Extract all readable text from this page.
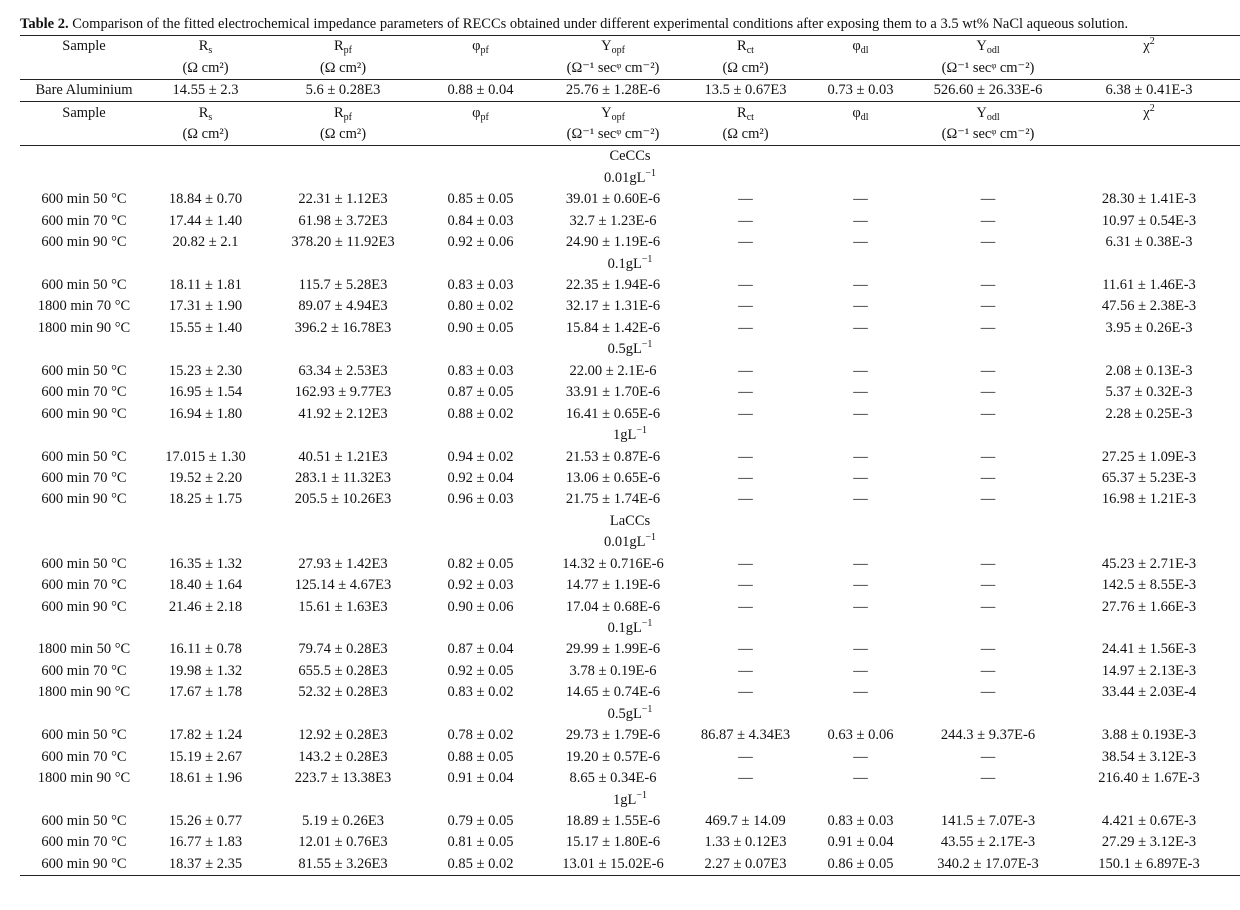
Table 2. Comparison of the fitted electrochemical impedance parameters of RECCs obtained under different experimental conditions after exposing them to a 3.5 wt% NaCl aqueous solution.

Sample	$R_s$	$R_{pf}$	$\varphi_{pf}$	$Y_{opf}$	$R_{ct}$	$\varphi_{dl}$	$Y_{odl}$	$\chi^2$
	(Ω cm²)	(Ω cm²)		(Ω⁻¹ secᵠ cm⁻²)	(Ω cm²)		(Ω⁻¹ secᵠ cm⁻²)	
Bare Aluminium	14.55 ± 2.3	5.6 ± 0.28E3	0.88 ± 0.04	25.76 ± 1.28E-6	13.5 ± 0.67E3	0.73 ± 0.03	526.60 ± 26.33E-6	6.38 ± 0.41E-3
Sample	$R_s$	$R_{pf}$	$\varphi_{pf}$	$Y_{opf}$	$R_{ct}$	$\varphi_{dl}$	$Y_{odl}$	$\chi^2$
	(Ω cm²)	(Ω cm²)		(Ω⁻¹ secᵠ cm⁻²)	(Ω cm²)		(Ω⁻¹ secᵠ cm⁻²)	
CeCCs								
$0.01gL^{-1}$
600 min 50 °C	18.84 ± 0.70	22.31 ± 1.12E3	0.85 ± 0.05	39.01 ± 0.60E-6	—	—	—	28.30 ± 1.41E-3
600 min 70 °C	17.44 ± 1.40	61.98 ± 3.72E3	0.84 ± 0.03	32.7 ± 1.23E-6	—	—	—	10.97 ± 0.54E-3
600 min 90 °C	20.82 ± 2.1	378.20 ± 11.92E3	0.92 ± 0.06	24.90 ± 1.19E-6	—	—	—	6.31 ± 0.38E-3
$0.1gL^{-1}$
600 min 50 °C	18.11 ± 1.81	115.7 ± 5.28E3	0.83 ± 0.03	22.35 ± 1.94E-6	—	—	—	11.61 ± 1.46E-3
1800 min 70 °C	17.31 ± 1.90	89.07 ± 4.94E3	0.80 ± 0.02	32.17 ± 1.31E-6	—	—	—	47.56 ± 2.38E-3
1800 min 90 °C	15.55 ± 1.40	396.2 ± 16.78E3	0.90 ± 0.05	15.84 ± 1.42E-6	—	—	—	3.95 ± 0.26E-3
$0.5gL^{-1}$
600 min 50 °C	15.23 ± 2.30	63.34 ± 2.53E3	0.83 ± 0.03	22.00 ± 2.1E-6	—	—	—	2.08 ± 0.13E-3
600 min 70 °C	16.95 ± 1.54	162.93 ± 9.77E3	0.87 ± 0.05	33.91 ± 1.70E-6	—	—	—	5.37 ± 0.32E-3
600 min 90 °C	16.94 ± 1.80	41.92 ± 2.12E3	0.88 ± 0.02	16.41 ± 0.65E-6	—	—	—	2.28 ± 0.25E-3
$1gL^{-1}$
600 min 50 °C	17.015 ± 1.30	40.51 ± 1.21E3	0.94 ± 0.02	21.53 ± 0.87E-6	—	—	—	27.25 ± 1.09E-3
600 min 70 °C	19.52 ± 2.20	283.1 ± 11.32E3	0.92 ± 0.04	13.06 ± 0.65E-6	—	—	—	65.37 ± 5.23E-3
600 min 90 °C	18.25 ± 1.75	205.5 ± 10.26E3	0.96 ± 0.03	21.75 ± 1.74E-6	—	—	—	16.98 ± 1.21E-3
LaCCs								
$0.01gL^{-1}$
600 min 50 °C	16.35 ± 1.32	27.93 ± 1.42E3	0.82 ± 0.05	14.32 ± 0.716E-6	—	—	—	45.23 ± 2.71E-3
600 min 70 °C	18.40 ± 1.64	125.14 ± 4.67E3	0.92 ± 0.03	14.77 ± 1.19E-6	—	—	—	142.5 ± 8.55E-3
600 min 90 °C	21.46 ± 2.18	15.61 ± 1.63E3	0.90 ± 0.06	17.04 ± 0.68E-6	—	—	—	27.76 ± 1.66E-3
$0.1gL^{-1}$
1800 min 50 °C	16.11 ± 0.78	79.74 ± 0.28E3	0.87 ± 0.04	29.99 ± 1.99E-6	—	—	—	24.41 ± 1.56E-3
600 min 70 °C	19.98 ± 1.32	655.5 ± 0.28E3	0.92 ± 0.05	3.78 ± 0.19E-6	—	—	—	14.97 ± 2.13E-3
1800 min 90 °C	17.67 ± 1.78	52.32 ± 0.28E3	0.83 ± 0.02	14.65 ± 0.74E-6	—	—	—	33.44 ± 2.03E-4
$0.5gL^{-1}$
600 min 50 °C	17.82 ± 1.24	12.92 ± 0.28E3	0.78 ± 0.02	29.73 ± 1.79E-6	86.87 ± 4.34E3	0.63 ± 0.06	244.3 ± 9.37E-6	3.88 ± 0.193E-3
600 min 70 °C	15.19 ± 2.67	143.2 ± 0.28E3	0.88 ± 0.05	19.20 ± 0.57E-6	—	—	—	38.54 ± 3.12E-3
1800 min 90 °C	18.61 ± 1.96	223.7 ± 13.38E3	0.91 ± 0.04	8.65 ± 0.34E-6	—	—	—	216.40 ± 1.67E-3
$1gL^{-1}$
600 min 50 °C	15.26 ± 0.77	5.19 ± 0.26E3	0.79 ± 0.05	18.89 ± 1.55E-6	469.7 ± 14.09	0.83 ± 0.03	141.5 ± 7.07E-3	4.421 ± 0.67E-3
600 min 70 °C	16.77 ± 1.83	12.01 ± 0.76E3	0.81 ± 0.05	15.17 ± 1.80E-6	1.33 ± 0.12E3	0.91 ± 0.04	43.55 ± 2.17E-3	27.29 ± 3.12E-3
600 min 90 °C	18.37 ± 2.35	81.55 ± 3.26E3	0.85 ± 0.02	13.01 ± 15.02E-6	2.27 ± 0.07E3	0.86 ± 0.05	340.2 ± 17.07E-3	150.1 ± 6.897E-3
